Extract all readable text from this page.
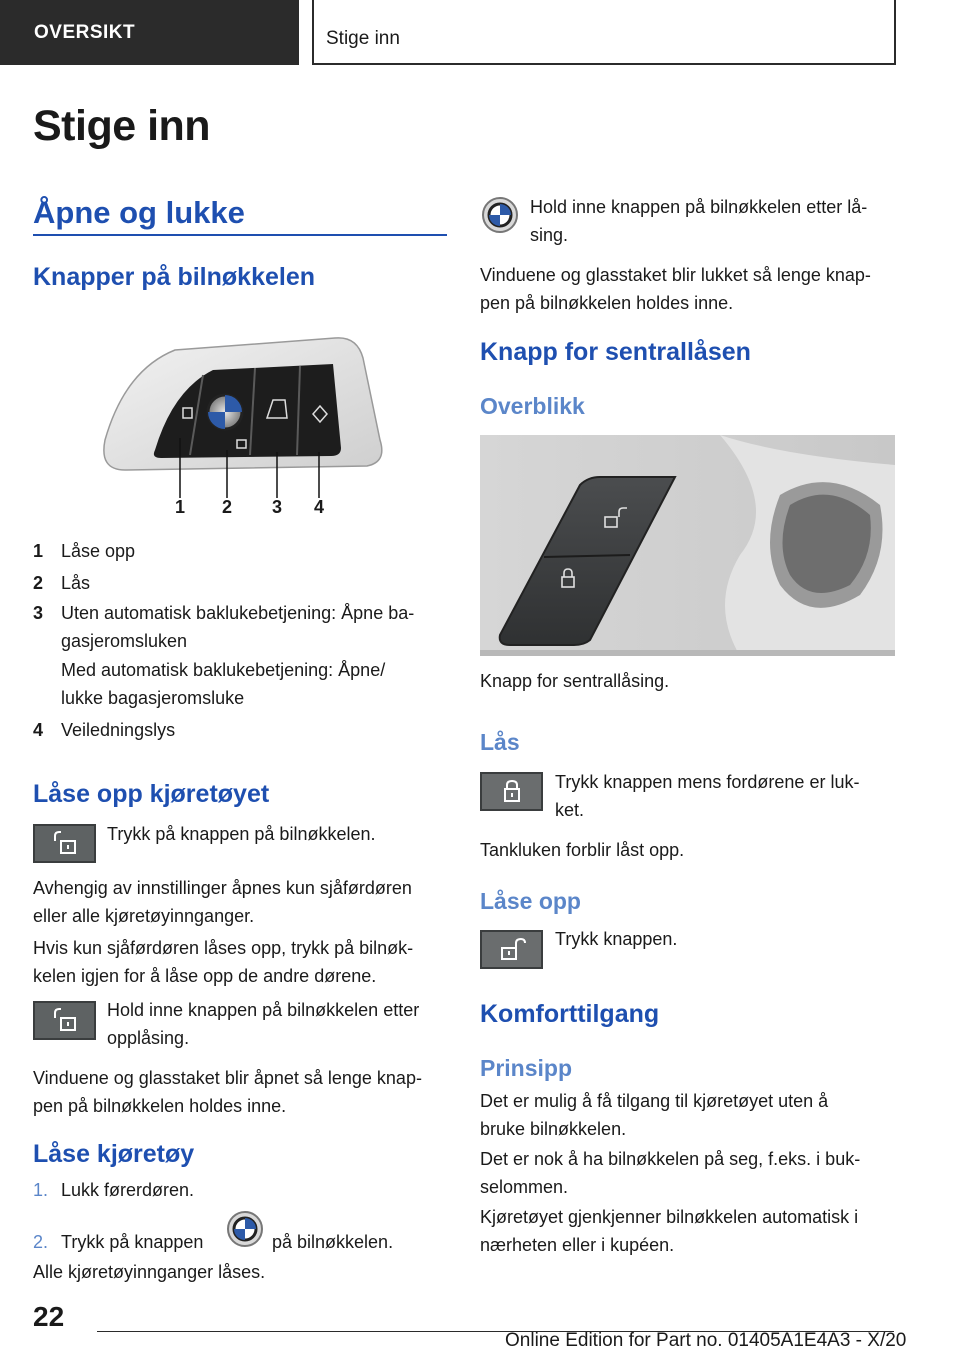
OVERSIKT	Stige inn
Stige inn
Åpne og lukke
Knapper på bilnøkkelen
1 2 3 4
1 Låse opp
2 Lås
3 Uten automatisk baklukebetjening: Åpne ba-
gasjeromsluken
Med automatisk baklukebetjening: Åpne/
lukke bagasjeromsluke
4 Veiledningslys
Låse opp kjøretøyet
Trykk på knappen på bilnøkkelen.
Avhengig av innstillinger åpnes kun sjåførdøren
eller alle kjøretøyinnganger.
Hvis kun sjåførdøren låses opp, trykk på bilnøk-
kelen igjen for å låse opp de andre dørene.
Hold inne knappen på bilnøkkelen etter
opplåsing.
Vinduene og glasstaket blir åpnet så lenge knap-
pen på bilnøkkelen holdes inne.
Låse kjøretøy
1. Lukk førerdøren.
2. Trykk på knappen	på bilnøkkelen.
Alle kjøretøyinnganger låses.
Hold inne knappen på bilnøkkelen etter lå-
sing.
Vinduene og glasstaket blir lukket så lenge knap-
pen på bilnøkkelen holdes inne.
Knapp for sentrallåsen
Overblikk
Knapp for sentrallåsing.
Lås
Trykk knappen mens fordørene er luk-
ket.
Tankluken forblir låst opp.
Låse opp
Trykk knappen.
Komforttilgang
Prinsipp
Det er mulig å få tilgang til kjøretøyet uten å
bruke bilnøkkelen.
Det er nok å ha bilnøkkelen på seg, f.eks. i buk-
selommen.
Kjøretøyet gjenkjenner bilnøkkelen automatisk i
nærheten eller i kupéen.
22
Online Edition for Part no. 01405A1E4A3 - X/20
